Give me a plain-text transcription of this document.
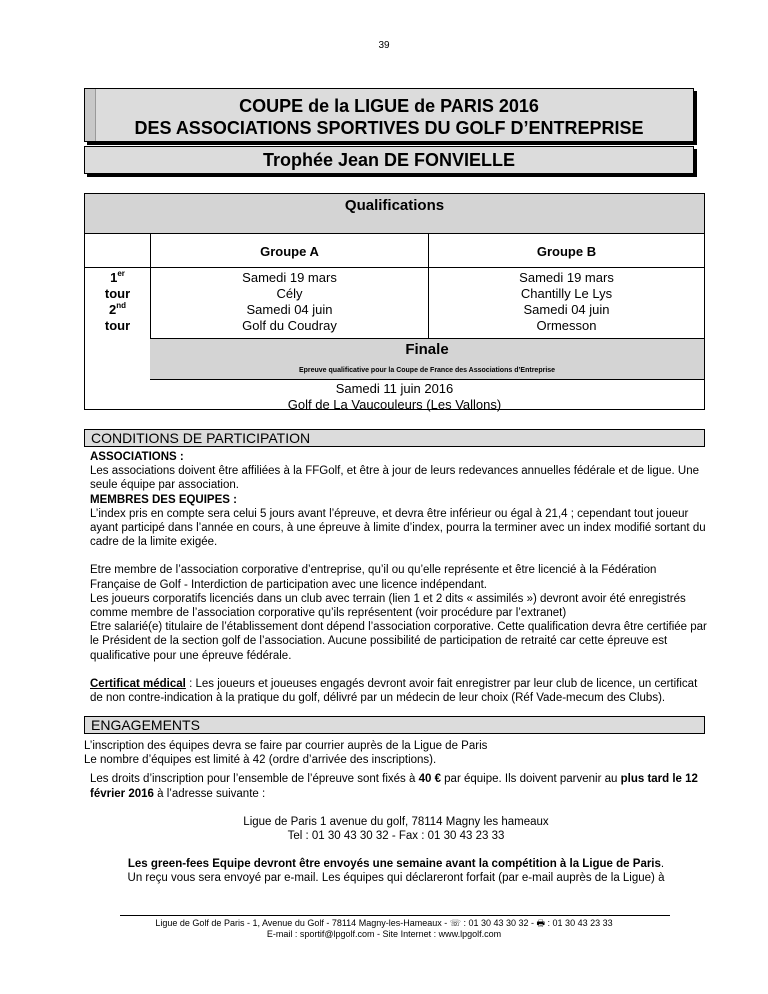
39
COUPE de la LIGUE de PARIS 2016
DES ASSOCIATIONS SPORTIVES DU GOLF D’ENTREPRISE
Trophée Jean DE FONVIELLE
Qualifications
Groupe A	Groupe B
1er
tour
2nd
tour
Samedi 19 mars
Cély
Samedi 04 juin
Golf du Coudray
Samedi 19 mars
Chantilly Le Lys
Samedi 04 juin
Ormesson
Finale
Epreuve qualificative pour la Coupe de France des Associations d’Entreprise
Samedi 11 juin 2016
Golf de La Vaucouleurs (Les Vallons)
CONDITIONS DE PARTICIPATION

ASSOCIATIONS :

Les associations doivent être affiliées à la FFGolf, et être à jour de leurs redevances annuelles fédérale et de ligue. Une seule équipe par association.

MEMBRES DES EQUIPES :

L’index pris en compte sera celui 5 jours avant l’épreuve, et devra être inférieur ou égal à 21,4 ; cependant tout joueur ayant participé dans l’année en cours, à une épreuve à limite d’index, pourra la terminer avec un index modifié sortant du cadre de la limite exigée.

Etre membre de l’association corporative d’entreprise, qu’il ou qu’elle représente et être licencié à la Fédération Française de Golf - Interdiction de participation avec une licence indépendant.

Les joueurs corporatifs licenciés dans un club avec terrain (lien 1 et 2 dits « assimilés ») devront avoir été enregistrés comme membre de l’association corporative qu’ils représentent (voir procédure par l’extranet)

Etre salarié(e) titulaire de l’établissement dont dépend l’association corporative. Cette qualification devra être certifiée par le Président de la section golf de l’association. Aucune possibilité de participation de retraité car cette épreuve est qualificative pour une épreuve fédérale.

Certificat médical : Les joueurs et joueuses engagés devront avoir fait enregistrer par leur club de licence, un certificat de non contre-indication à la pratique du golf, délivré par un médecin de leur choix (Réf Vade-mecum des Clubs).

ENGAGEMENTS

L’inscription des équipes devra se faire par courrier auprès de la Ligue de Paris

Le nombre d’équipes est limité à 42 (ordre d’arrivée des inscriptions).

Les droits d’inscription pour l’ensemble de l’épreuve sont fixés à 40 € par équipe. Ils doivent parvenir au plus tard le 12 février 2016 à l’adresse suivante :

Ligue de Paris 1 avenue du golf, 78114 Magny les hameaux

Tel : 01 30 43 30 32 - Fax : 01 30 43 23 33

Les green-fees Equipe devront être envoyés une semaine avant la compétition à la Ligue de Paris.

Un reçu vous sera envoyé par e-mail. Les équipes qui déclareront forfait (par e-mail auprès de la Ligue) à

Ligue de Golf de Paris - 1, Avenue du Golf - 78114 Magny-les-Hameaux - ☏ : 01 30 43 30 32 - 🖶 : 01 30 43 23 33
E-mail : sportif@lpgolf.com - Site Internet : www.lpgolf.com
